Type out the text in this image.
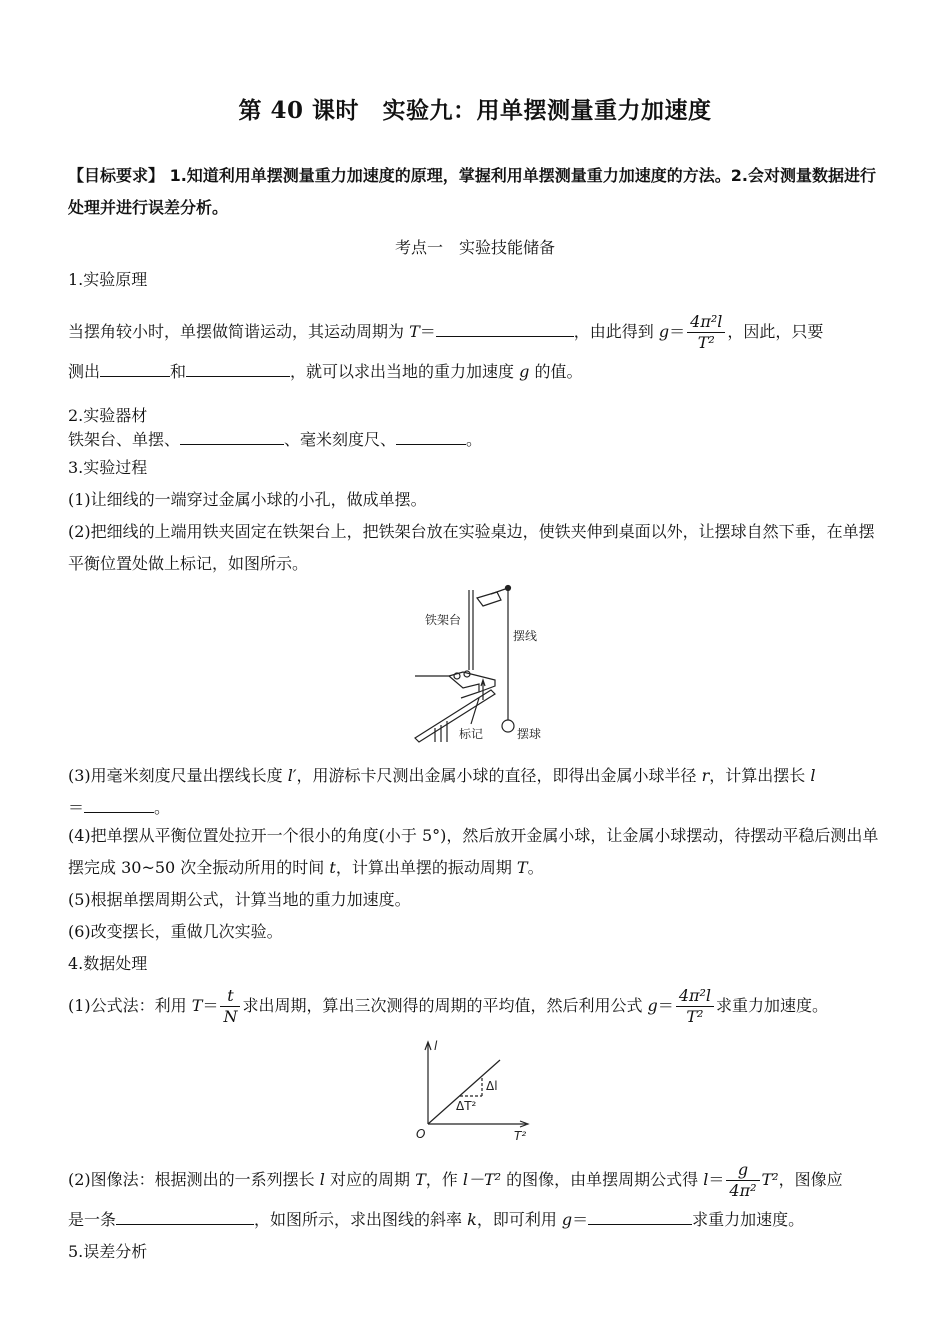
第 40 课时　实验九：用单摆测量重力加速度
【目标要求】 1.知道利用单摆测量重力加速度的原理，掌握利用单摆测量重力加速度的方法。2.会对测量数据进行处理并进行误差分析。
考点一　实验技能储备
1.实验原理
当摆角较小时，单摆做简谐运动，其运动周期为 T＝	，由此得到 $g= \frac{\text{4π²l}}{\text{T²}}$ ，因此，只要
测出	和	，就可以求出当地的重力加速度 g 的值。
2.实验器材
铁架台、单摆、	、毫米刻度尺、	。
3.实验过程
(1)让细线的一端穿过金属小球的小孔，做成单摆。
(2)把细线的上端用铁夹固定在铁架台上，把铁架台放在实验桌边，使铁夹伸到桌面以外，让摆球自然下垂，在单摆平衡位置处做上标记，如图所示。
铁架台
摆线
标记	摆球
(3)用毫米刻度尺量出摆线长度 l′，用游标卡尺测出金属小球的直径，即得出金属小球半径 r，计算出摆长 l
＝	。
(4)把单摆从平衡位置处拉开一个很小的角度(小于 5°)，然后放开金属小球，让金属小球摆动，待摆动平稳后测出单摆完成 30~50 次全振动所用的时间 t，计算出单摆的振动周期 T。
(5)根据单摆周期公式，计算当地的重力加速度。
(6)改变摆长，重做几次实验。
4.数据处理
(1)公式法：利用 $T= \frac{t}{N}$ 求出周期，算出三次测得的周期的平均值，然后利用公式 $g= \frac{\text{4π²l}}{\text{T²}}$ 求重力加速度。
l
T²
O
Δl
ΔT²
(2)图像法：根据测出的一系列摆长 l 对应的周期 T，作 l－T² 的图像，由单摆周期公式得 $l= \frac{g}{\text{4π²}} T^2$，图像应
是一条	，如图所示，求出图线的斜率 k，即可利用 g＝	求重力加速度。
5.误差分析
